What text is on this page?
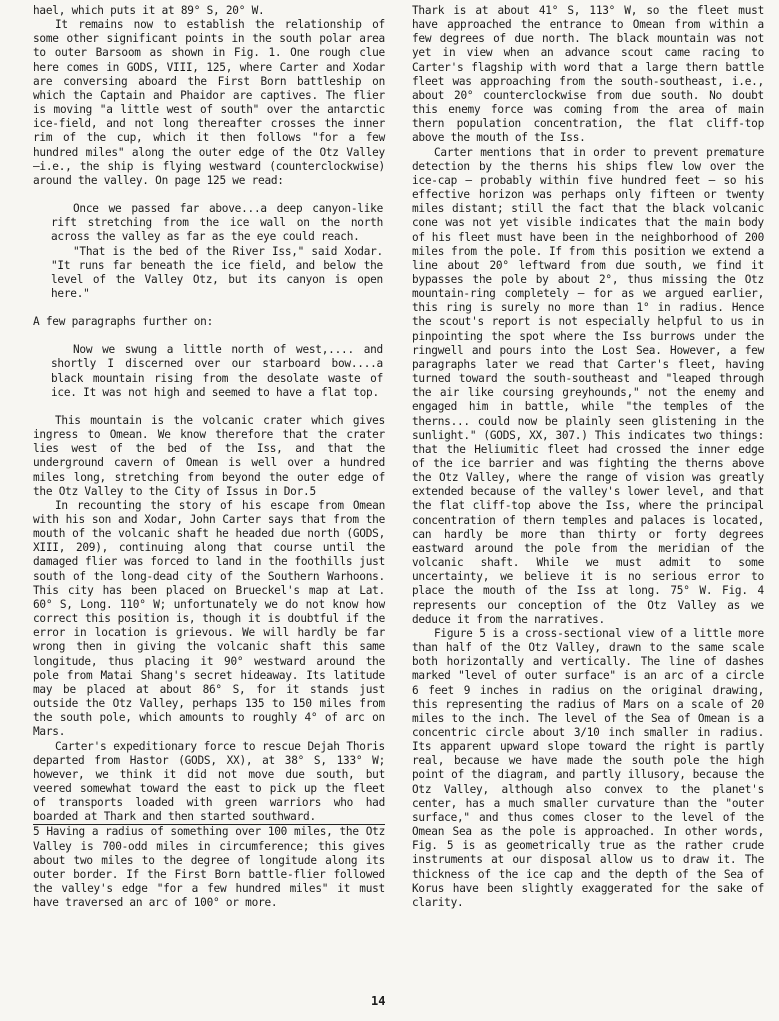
hael, which puts it at 89° S, 20° W.

It remains now to establish the relationship of some other significant points in the south polar area to outer Barsoom as shown in Fig. 1. One rough clue here comes in GODS, VIII, 125, where Carter and Xodar are conversing aboard the First Born battleship on which the Captain and Phaidor are captives. The flier is moving "a little west of south" over the antarctic ice-field, and not long thereafter crosses the inner rim of the cup, which it then follows "for a few hundred miles" along the outer edge of the Otz Valley —i.e., the ship is flying westward (counterclockwise) around the valley. On page 125 we read:

Once we passed far above...a deep canyon-like rift stretching from the ice wall on the north across the valley as far as the eye could reach.

"That is the bed of the River Iss," said Xodar. "It runs far beneath the ice field, and below the level of the Valley Otz, but its canyon is open here."

A few paragraphs further on:

Now we swung a little north of west,.... and shortly I discerned over our starboard bow....a black mountain rising from the desolate waste of ice. It was not high and seemed to have a flat top.

This mountain is the volcanic crater which gives ingress to Omean. We know therefore that the crater lies west of the bed of the Iss, and that the underground cavern of Omean is well over a hundred miles long, stretching from beyond the outer edge of the Otz Valley to the City of Issus in Dor.5

In recounting the story of his escape from Omean with his son and Xodar, John Carter says that from the mouth of the volcanic shaft he headed due north (GODS, XIII, 209), continuing along that course until the damaged flier was forced to land in the foothills just south of the long-dead city of the Southern Warhoons. This city has been placed on Brueckel's map at Lat. 60° S, Long. 110° W; unfortunately we do not know how correct this position is, though it is doubtful if the error in location is grievous. We will hardly be far wrong then in giving the volcanic shaft this same longitude, thus placing it 90° westward around the pole from Matai Shang's secret hideaway. Its latitude may be placed at about 86° S, for it stands just outside the Otz Valley, perhaps 135 to 150 miles from the south pole, which amounts to roughly 4° of arc on Mars.

Carter's expeditionary force to rescue Dejah Thoris departed from Hastor (GODS, XX), at 38° S, 133° W; however, we think it did not move due south, but veered somewhat toward the east to pick up the fleet of transports loaded with green warriors who had boarded at Thark and then started southward.

5 Having a radius of something over 100 miles, the Otz Valley is 700-odd miles in circumference; this gives about two miles to the degree of longitude along its outer border. If the First Born battle-flier followed the valley's edge "for a few hundred miles" it must have traversed an arc of 100° or more.

Thark is at about 41° S, 113° W, so the fleet must have approached the entrance to Omean from within a few degrees of due north. The black mountain was not yet in view when an advance scout came racing to Carter's flagship with word that a large thern battle fleet was approaching from the south-southeast, i.e., about 20° counterclockwise from due south. No doubt this enemy force was coming from the area of main thern population concentration, the flat cliff-top above the mouth of the Iss.

Carter mentions that in order to prevent premature detection by the therns his ships flew low over the ice-cap — probably within five hundred feet — so his effective horizon was perhaps only fifteen or twenty miles distant; still the fact that the black volcanic cone was not yet visible indicates that the main body of his fleet must have been in the neighborhood of 200 miles from the pole. If from this position we extend a line about 20° leftward from due south, we find it bypasses the pole by about 2°, thus missing the Otz mountain-ring completely — for as we argued earlier, this ring is surely no more than 1° in radius. Hence the scout's report is not especially helpful to us in pinpointing the spot where the Iss burrows under the ringwell and pours into the Lost Sea. However, a few paragraphs later we read that Carter's fleet, having turned toward the south-southeast and "leaped through the air like coursing greyhounds," not the enemy and engaged him in battle, while "the temples of the therns... could now be plainly seen glistening in the sunlight." (GODS, XX, 307.) This indicates two things: that the Heliumitic fleet had crossed the inner edge of the ice barrier and was fighting the therns above the Otz Valley, where the range of vision was greatly extended because of the valley's lower level, and that the flat cliff-top above the Iss, where the principal concentration of thern temples and palaces is located, can hardly be more than thirty or forty degrees eastward around the pole from the meridian of the volcanic shaft. While we must admit to some uncertainty, we believe it is no serious error to place the mouth of the Iss at long. 75° W. Fig. 4 represents our conception of the Otz Valley as we deduce it from the narratives.

Figure 5 is a cross-sectional view of a little more than half of the Otz Valley, drawn to the same scale both horizontally and vertically. The line of dashes marked "level of outer surface" is an arc of a circle 6 feet 9 inches in radius on the original drawing, this representing the radius of Mars on a scale of 20 miles to the inch. The level of the Sea of Omean is a concentric circle about 3/10 inch smaller in radius. Its apparent upward slope toward the right is partly real, because we have made the south pole the high point of the diagram, and partly illusory, because the Otz Valley, although also convex to the planet's center, has a much smaller curvature than the "outer surface," and thus comes closer to the level of the Omean Sea as the pole is approached. In other words, Fig. 5 is as geometrically true as the rather crude instruments at our disposal allow us to draw it. The thickness of the ice cap and the depth of the Sea of Korus have been slightly exaggerated for the sake of clarity.

14
